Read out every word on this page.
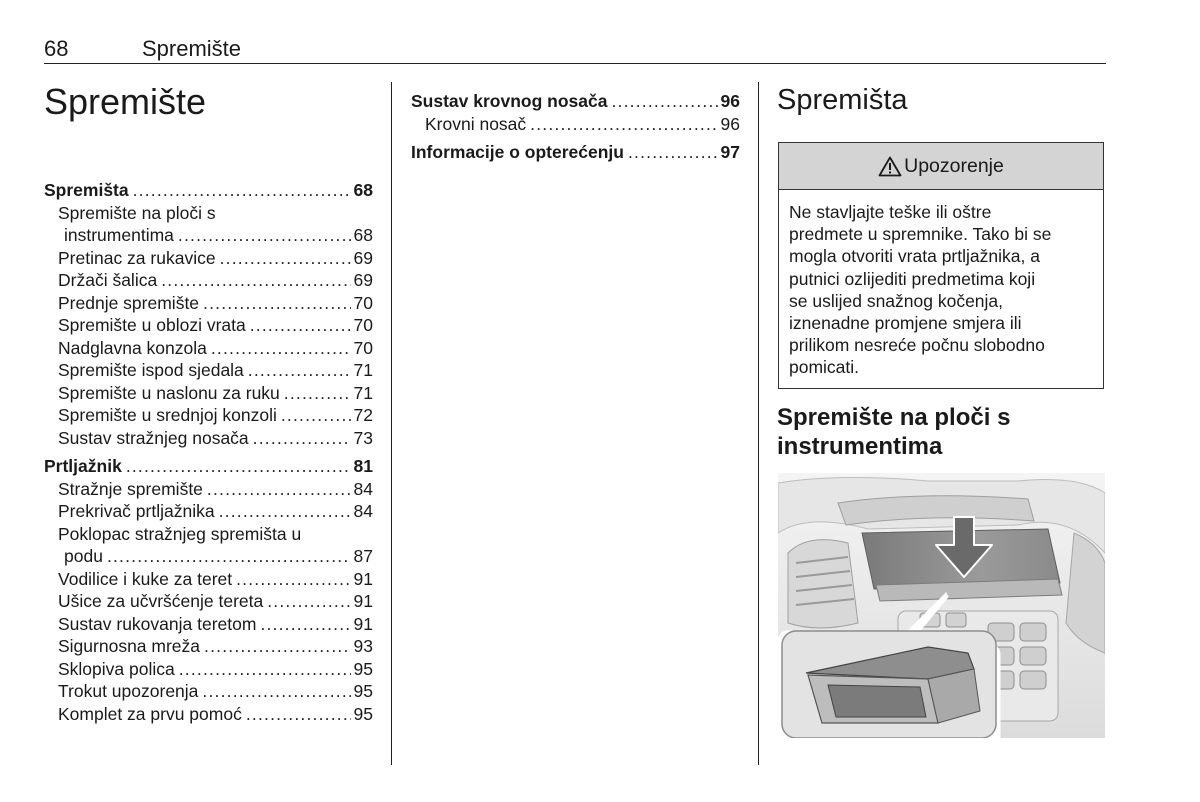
68	Spremište
Spremište
Spremišta .....	68
Spremište na ploči s
instrumentima .....	68
Pretinac za rukavice .....	69
Držači šalica .....	69
Prednje spremište .....	70
Spremište u oblozi vrata .....	70
Nadglavna konzola .....	70
Spremište ispod sjedala .....	71
Spremište u naslonu za ruku .....	71
Spremište u srednjoj konzoli .....	72
Sustav stražnjeg nosača .....	73
Prtljažnik .....	81
Stražnje spremište .....	84
Prekrivač prtljažnika .....	84
Poklopac stražnjeg spremišta u
podu .....	87
Vodilice i kuke za teret .....	91
Ušice za učvršćenje tereta .....	91
Sustav rukovanja teretom .....	91
Sigurnosna mreža .....	93
Sklopiva polica .....	95
Trokut upozorenja .....	95
Komplet za prvu pomoć .....	95
Sustav krovnog nosača .....	96
Krovni nosač .....	96
Informacije o opterećenju .....	97
Spremišta
Upozorenje
Ne stavljajte teške ili oštre
predmete u spremnike. Tako bi se
mogla otvoriti vrata prtljažnika, a
putnici ozlijediti predmetima koji
se uslijed snažnog kočenja,
iznenadne promjene smjera ili
prilikom nesreće počnu slobodno
pomicati.
Spremište na ploči s
instrumentima
